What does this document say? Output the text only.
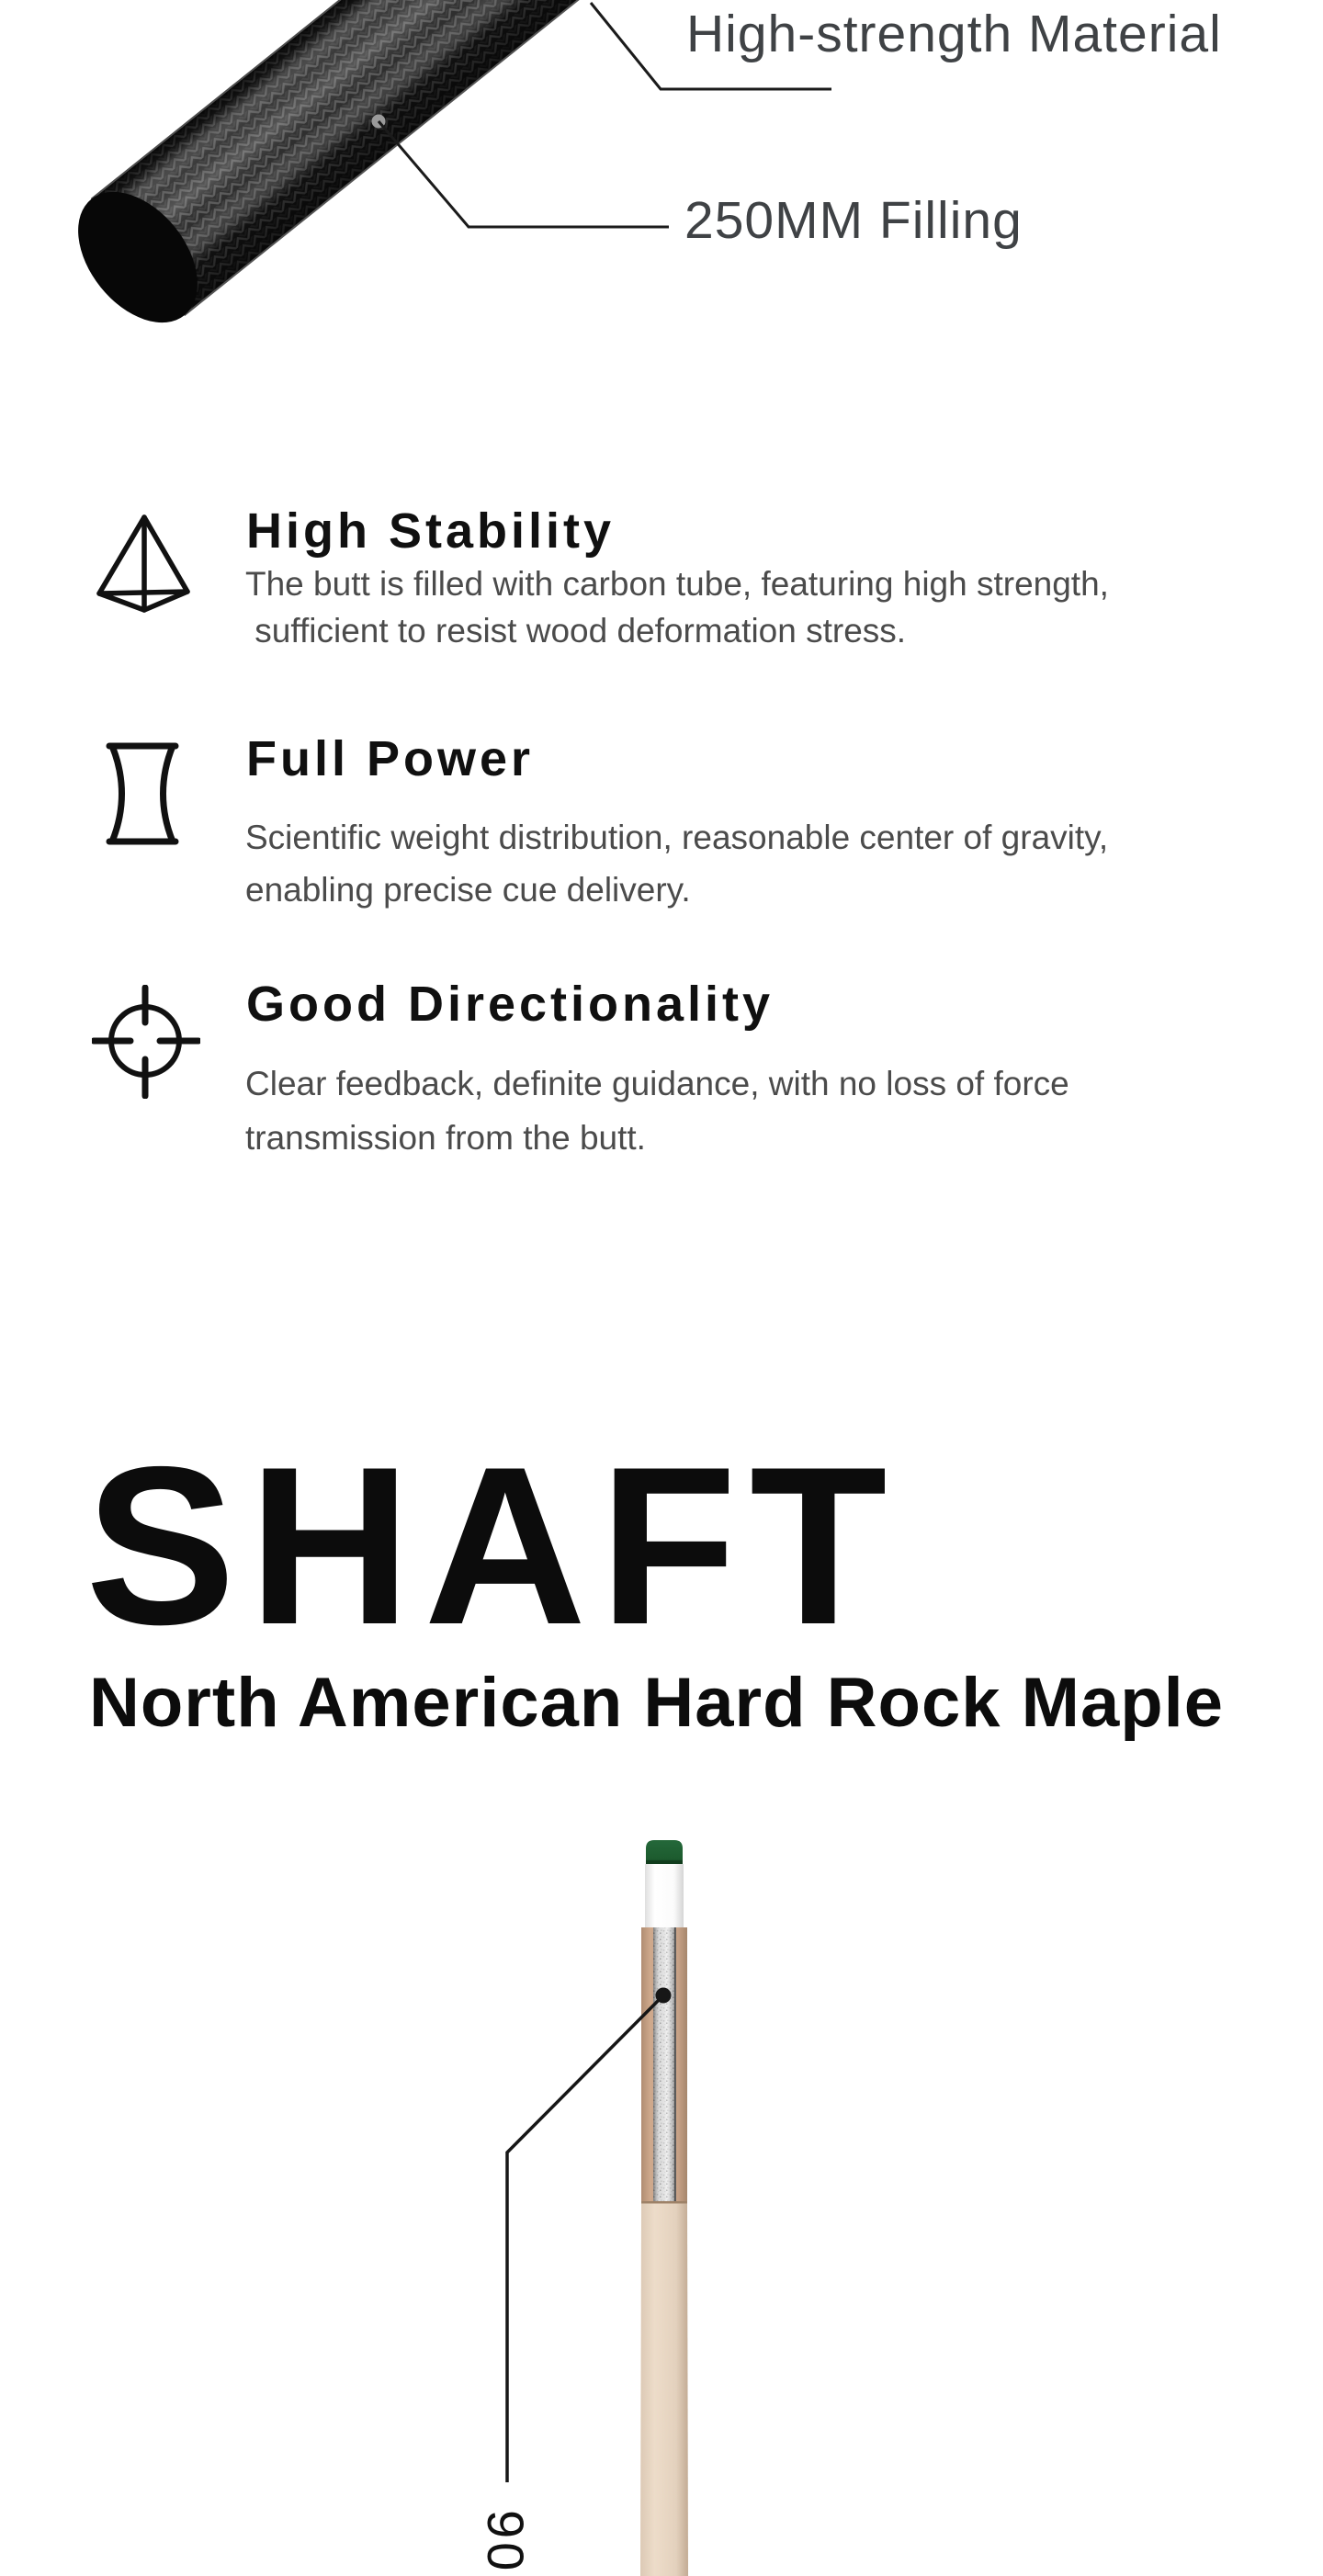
High-strength Material
250MM Filling
High Stability
The butt is filled with carbon tube, featuring high strength,
sufficient to resist wood deformation stress.
Full Power
Scientific weight distribution, reasonable center of gravity,
enabling precise cue delivery.
Good Directionality
Clear feedback, definite guidance, with no loss of force
transmission from the butt.
SHAFT
North American Hard Rock Maple
90
